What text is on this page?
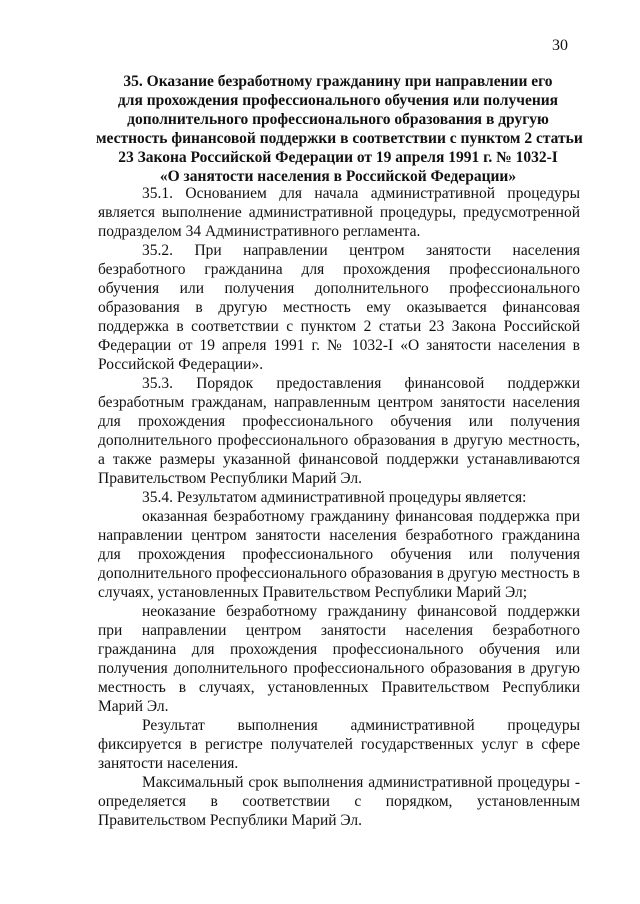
30
35. Оказание безработному гражданину при направлении его
для прохождения профессионального обучения или получения
дополнительного профессионального образования в другую
местность финансовой поддержки в соответствии с пунктом 2 статьи
23 Закона Российской Федерации от 19 апреля 1991 г. № 1032-I
«О занятости населения в Российской Федерации»

35.1. Основанием для начала административной процедуры является выполнение административной процедуры, предусмотренной подразделом 34 Административного регламента.

35.2. При направлении центром занятости населения безработного гражданина для прохождения профессионального обучения или получения дополнительного профессионального образования в другую местность ему оказывается финансовая поддержка в соответствии с пунктом 2 статьи 23 Закона Российской Федерации от 19 апреля 1991 г. № 1032-I «О занятости населения в Российской Федерации».

35.3. Порядок предоставления финансовой поддержки безработным гражданам, направленным центром занятости населения для прохождения профессионального обучения или получения дополнительного профессионального образования в другую местность, а также размеры указанной финансовой поддержки устанавливаются Правительством Республики Марий Эл.

35.4. Результатом административной процедуры является:

оказанная безработному гражданину финансовая поддержка при направлении центром занятости населения безработного гражданина для прохождения профессионального обучения или получения дополнительного профессионального образования в другую местность в случаях, установленных Правительством Республики Марий Эл;

неоказание безработному гражданину финансовой поддержки при направлении центром занятости населения безработного гражданина для прохождения профессионального обучения или получения дополнительного профессионального образования в другую местность в случаях, установленных Правительством Республики Марий Эл.

Результат выполнения административной процедуры фиксируется в регистре получателей государственных услуг в сфере занятости населения.

Максимальный срок выполнения административной процедуры - определяется в соответствии с порядком, установленным Правительством Республики Марий Эл.
